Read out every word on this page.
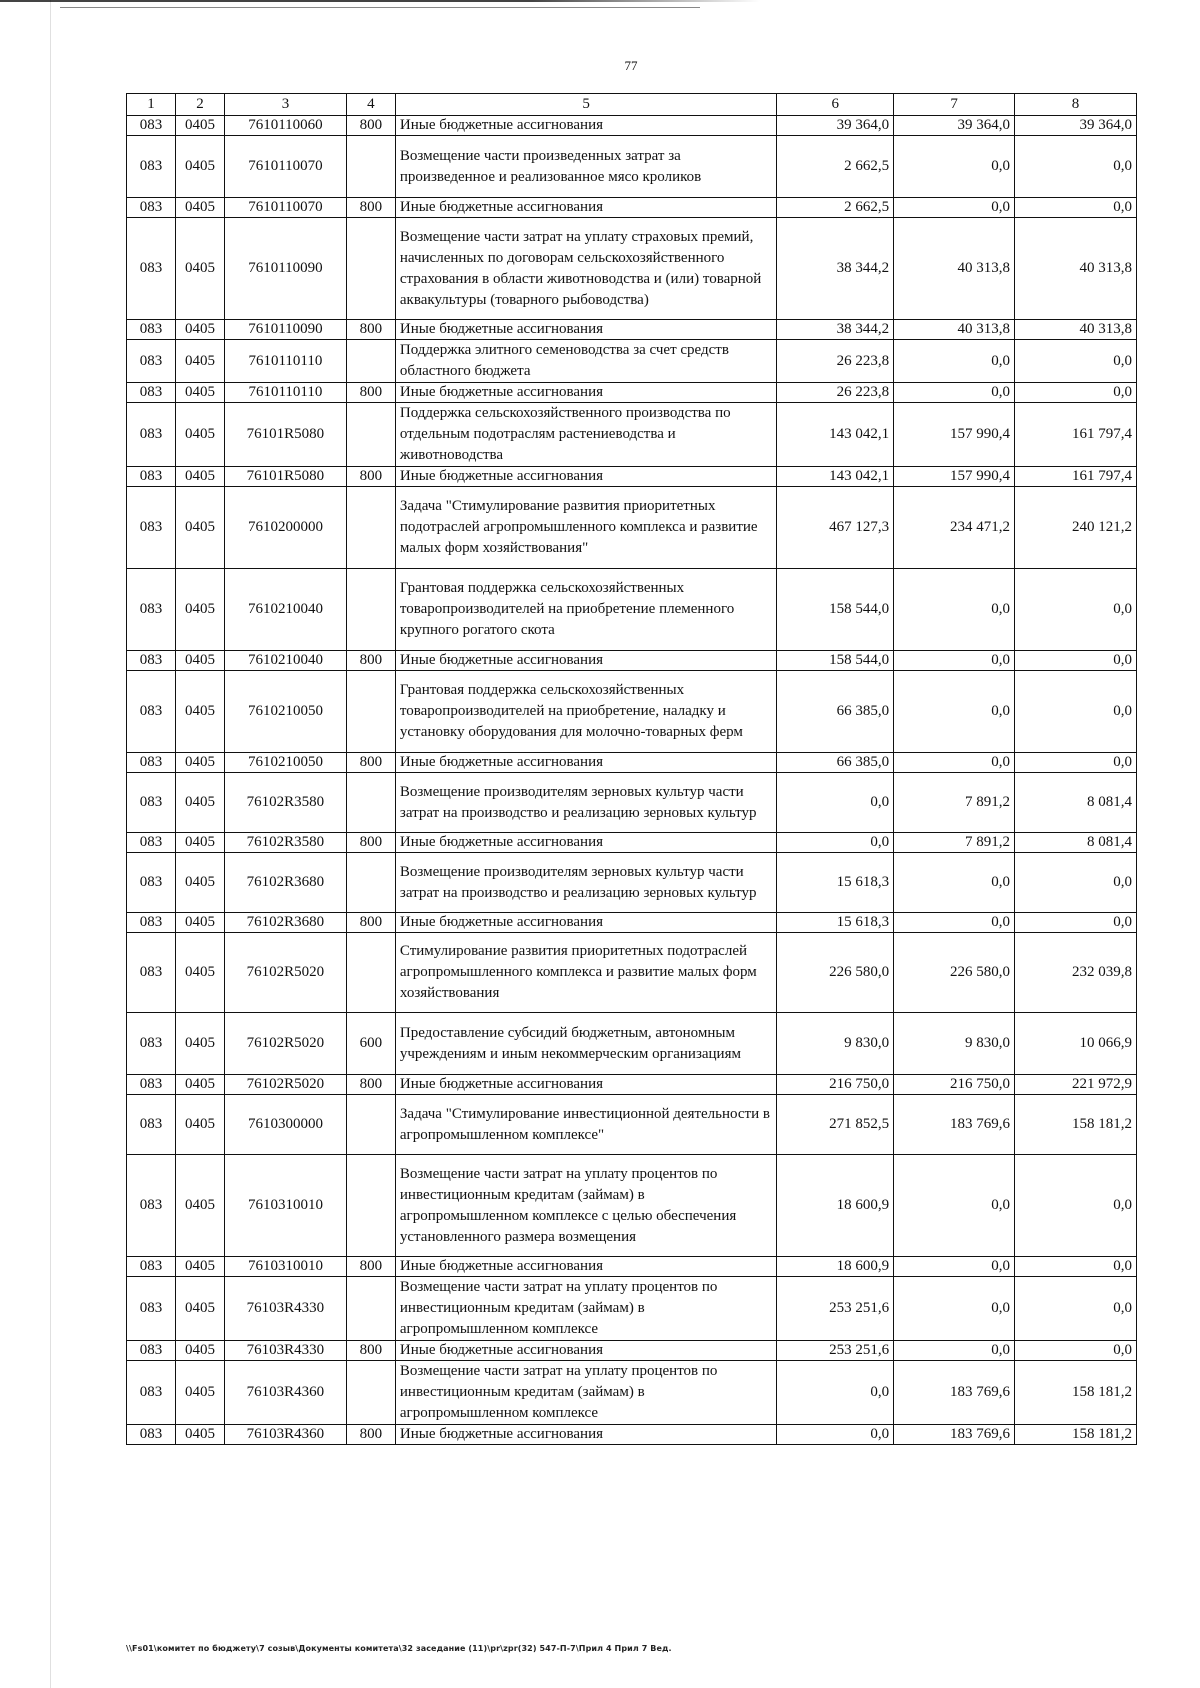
77
1	2	3	4	5	6	7	8
083	0405	7610110060	800	Иные бюджетные ассигнования	39 364,0	39 364,0	39 364,0
083	0405	7610110070		Возмещение части произведенных затрат за произведенное и реализованное мясо кроликов	2 662,5	0,0	0,0
083	0405	7610110070	800	Иные бюджетные ассигнования	2 662,5	0,0	0,0
083	0405	7610110090		Возмещение части затрат на уплату страховых премий, начисленных по договорам сельскохозяйственного страхования в области животноводства и (или) товарной аквакультуры (товарного рыбоводства)	38 344,2	40 313,8	40 313,8
083	0405	7610110090	800	Иные бюджетные ассигнования	38 344,2	40 313,8	40 313,8
083	0405	7610110110		Поддержка элитного семеноводства за счет средств областного бюджета	26 223,8	0,0	0,0
083	0405	7610110110	800	Иные бюджетные ассигнования	26 223,8	0,0	0,0
083	0405	76101R5080		Поддержка сельскохозяйственного производства по отдельным подотраслям растениеводства и животноводства	143 042,1	157 990,4	161 797,4
083	0405	76101R5080	800	Иные бюджетные ассигнования	143 042,1	157 990,4	161 797,4
083	0405	7610200000		Задача "Стимулирование развития приоритетных подотраслей агропромышленного комплекса и развитие малых форм хозяйствования"	467 127,3	234 471,2	240 121,2
083	0405	7610210040		Грантовая поддержка сельскохозяйственных товаропроизводителей на приобретение племенного крупного рогатого скота	158 544,0	0,0	0,0
083	0405	7610210040	800	Иные бюджетные ассигнования	158 544,0	0,0	0,0
083	0405	7610210050		Грантовая поддержка сельскохозяйственных товаропроизводителей на приобретение, наладку и установку оборудования для молочно-товарных ферм	66 385,0	0,0	0,0
083	0405	7610210050	800	Иные бюджетные ассигнования	66 385,0	0,0	0,0
083	0405	76102R3580		Возмещение производителям зерновых культур части затрат на производство и реализацию зерновых культур	0,0	7 891,2	8 081,4
083	0405	76102R3580	800	Иные бюджетные ассигнования	0,0	7 891,2	8 081,4
083	0405	76102R3680		Возмещение производителям зерновых культур части затрат на производство и реализацию зерновых культур	15 618,3	0,0	0,0
083	0405	76102R3680	800	Иные бюджетные ассигнования	15 618,3	0,0	0,0
083	0405	76102R5020		Стимулирование развития приоритетных подотраслей агропромышленного комплекса и развитие малых форм хозяйствования	226 580,0	226 580,0	232 039,8
083	0405	76102R5020	600	Предоставление субсидий бюджетным, автономным учреждениям и иным некоммерческим организациям	9 830,0	9 830,0	10 066,9
083	0405	76102R5020	800	Иные бюджетные ассигнования	216 750,0	216 750,0	221 972,9
083	0405	7610300000		Задача "Стимулирование инвестиционной деятельности в агропромышленном комплексе"	271 852,5	183 769,6	158 181,2
083	0405	7610310010		Возмещение части затрат на уплату процентов по инвестиционным кредитам (займам) в агропромышленном комплексе с целью обеспечения установленного размера возмещения	18 600,9	0,0	0,0
083	0405	7610310010	800	Иные бюджетные ассигнования	18 600,9	0,0	0,0
083	0405	76103R4330		Возмещение части затрат на уплату процентов по инвестиционным кредитам (займам) в агропромышленном комплексе	253 251,6	0,0	0,0
083	0405	76103R4330	800	Иные бюджетные ассигнования	253 251,6	0,0	0,0
083	0405	76103R4360		Возмещение части затрат на уплату процентов по инвестиционным кредитам (займам) в агропромышленном комплексе	0,0	183 769,6	158 181,2
083	0405	76103R4360	800	Иные бюджетные ассигнования	0,0	183 769,6	158 181,2
\\Fs01\комитет по бюджету\7 созыв\Документы комитета\32 заседание (11)\pr\zpr(32) 547-П-7\Прил 4 Прил 7 Вед.
